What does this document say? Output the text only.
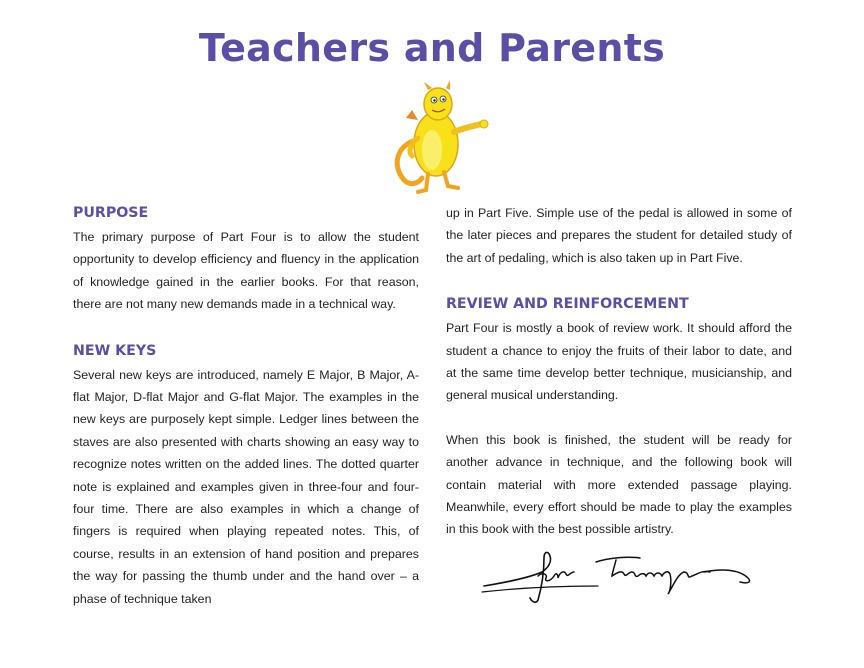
Teachers and Parents
PURPOSE

The primary purpose of Part Four is to allow the student opportunity to develop efficiency and fluency in the application of knowledge gained in the earlier books. For that reason, there are not many new demands made in a technical way.

NEW KEYS

Several new keys are introduced, namely E Major, B Major, A-flat Major, D-flat Major and G-flat Major. The examples in the new keys are purposely kept simple. Ledger lines between the staves are also presented with charts showing an easy way to recognize notes written on the added lines. The dotted quarter note is explained and examples given in three-four and four-four time. There are also examples in which a change of fingers is required when playing repeated notes. This, of course, results in an extension of hand position and prepares the way for passing the thumb under and the hand over – a phase of technique taken

up in Part Five. Simple use of the pedal is allowed in some of the later pieces and prepares the student for detailed study of the art of pedaling, which is also taken up in Part Five.

REVIEW AND REINFORCEMENT

Part Four is mostly a book of review work. It should afford the student a chance to enjoy the fruits of their labor to date, and at the same time develop better technique, musicianship, and general musical understanding.

When this book is finished, the student will be ready for another advance in technique, and the following book will contain material with more extended passage playing. Meanwhile, every effort should be made to play the examples in this book with the best possible artistry.
